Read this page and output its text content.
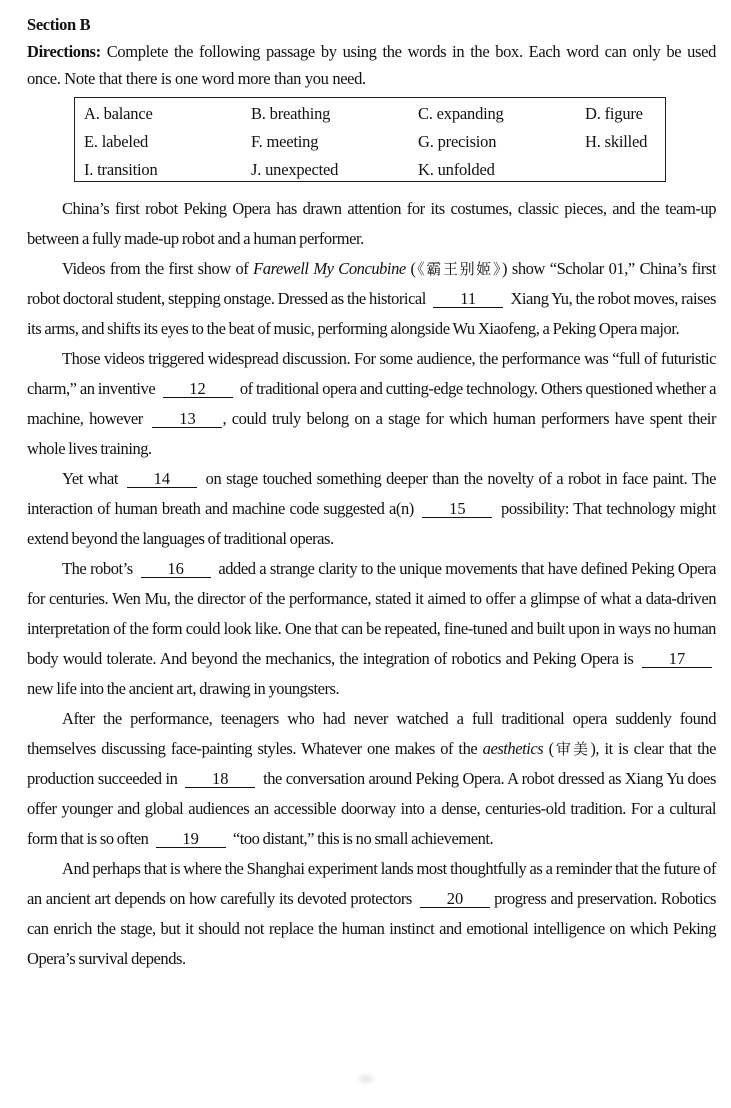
Section B
Directions: Complete the following passage by using the words in the box. Each word can only be used once. Note that there is one word more than you need.
A. balance	B. breathing	C. expanding	D. figure
E. labeled	F. meeting	G. precision	H. skilled
I. transition	J. unexpected	K. unfolded

China’s first robot Peking Opera has drawn attention for its costumes, classic pieces, and the team-up between a fully made-up robot and a human performer.

Videos from the first show of Farewell My Concubine (《霸王别姬》) show “Scholar 01,” China’s first robot doctoral student, stepping onstage. Dressed as the historical 11 Xiang Yu, the robot moves, raises its arms, and shifts its eyes to the beat of music, performing alongside Wu Xiaofeng, a Peking Opera major.

Those videos triggered widespread discussion. For some audience, the performance was “full of futuristic charm,” an inventive 12 of traditional opera and cutting-edge technology. Others questioned whether a machine, however 13 , could truly belong on a stage for which human performers have spent their whole lives training.

Yet what 14 on stage touched something deeper than the novelty of a robot in face paint. The interaction of human breath and machine code suggested a(n) 15 possibility: That technology might extend beyond the languages of traditional operas.

The robot’s 16 added a strange clarity to the unique movements that have defined Peking Opera for centuries. Wen Mu, the director of the performance, stated it aimed to offer a glimpse of what a data-driven interpretation of the form could look like. One that can be repeated, fine-tuned and built upon in ways no human body would tolerate. And beyond the mechanics, the integration of robotics and Peking Opera is 17 new life into the ancient art, drawing in youngsters.

After the performance, teenagers who had never watched a full traditional opera suddenly found themselves discussing face-painting styles. Whatever one makes of the aesthetics (审美), it is clear that the production succeeded in 18 the conversation around Peking Opera. A robot dressed as Xiang Yu does offer younger and global audiences an accessible doorway into a dense, centuries-old tradition. For a cultural form that is so often 19 “too distant,” this is no small achievement.

And perhaps that is where the Shanghai experiment lands most thoughtfully as a reminder that the future of an ancient art depends on how carefully its devoted protectors 20 progress and preservation. Robotics can enrich the stage, but it should not replace the human instinct and emotional intelligence on which Peking Opera’s survival depends.
